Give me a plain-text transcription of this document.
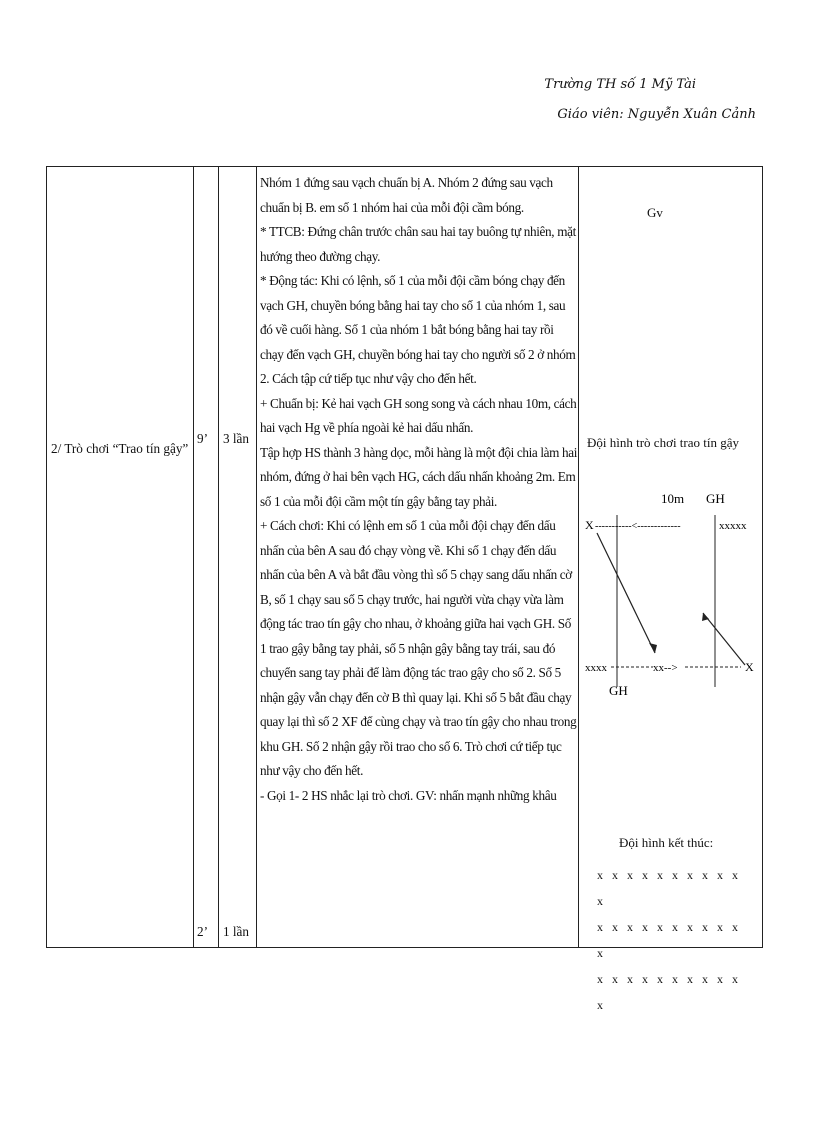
Trường TH số 1 Mỹ Tài
Giáo viên: Nguyễn Xuân Cảnh
2/ Trò chơi “Trao tín gậy”
9’ 3 lần
2’ 1 lần

Nhóm 1 đứng sau vạch chuẩn bị A. Nhóm 2 đứng sau vạch chuẩn bị B. em số 1 nhóm hai của mỗi đội cầm bóng.

* TTCB: Đứng chân trước chân sau hai tay buông tự nhiên, mặt hướng theo đường chạy.

* Động tác: Khi có lệnh, số 1 của mỗi đội cầm bóng chạy đến vạch GH, chuyền bóng bằng hai tay cho số 1 của nhóm 1, sau đó về cuối hàng. Số 1 của nhóm 1 bắt bóng bằng hai tay rồi chạy đến vạch GH, chuyền bóng hai tay cho người số 2 ở nhóm 2. Cách tập cứ tiếp tục như vậy cho đến hết.

+ Chuẩn bị: Kẻ hai vạch GH song song và cách nhau 10m, cách hai vạch Hg về phía ngoài kẻ hai dấu nhấn.

Tập hợp HS thành 3 hàng dọc, mỗi hàng là một đội chia làm hai nhóm, đứng ở hai bên vạch HG, cách dấu nhấn khoảng 2m. Em số 1 của mỗi đội cầm một tín gậy bằng tay phải.

+ Cách chơi: Khi có lệnh em số 1 của mỗi đội chạy đến dấu nhấn của bên A sau đó chạy vòng về. Khi số 1 chạy đến dấu nhấn của bên A và bắt đầu vòng thì số 5 chạy sang dấu nhấn cờ B, số 1 chạy sau số 5 chạy trước, hai người vừa chạy vừa làm động tác trao tín gậy cho nhau, ở khoảng giữa hai vạch GH. Số 1 trao gậy bằng tay phải, số 5 nhận gậy bằng tay trái, sau đó chuyển sang tay phải để làm động tác trao gậy cho số 2. Số 5 nhận gậy vẫn chạy đến cờ B thì quay lại. Khi số 5 bắt đầu chạy quay lại thì số 2 XF để cùng chạy và trao tín gậy cho nhau trong khu GH. Số 2 nhận gậy rồi trao cho số 6. Trò chơi cứ tiếp tục như vậy cho đến hết.

- Gọi 1- 2 HS nhắc lại trò chơi. GV: nhấn mạnh những khâu

Gv
Đội hình trò chơi trao tín gậy
10m GH
X -----------<-------------	xxxxx
xxxx	xx-->	X
GH
Đội hình kết thúc:
x x x x x x x x x x x
x x x x x x x x x x x
x x x x x x x x x x x
